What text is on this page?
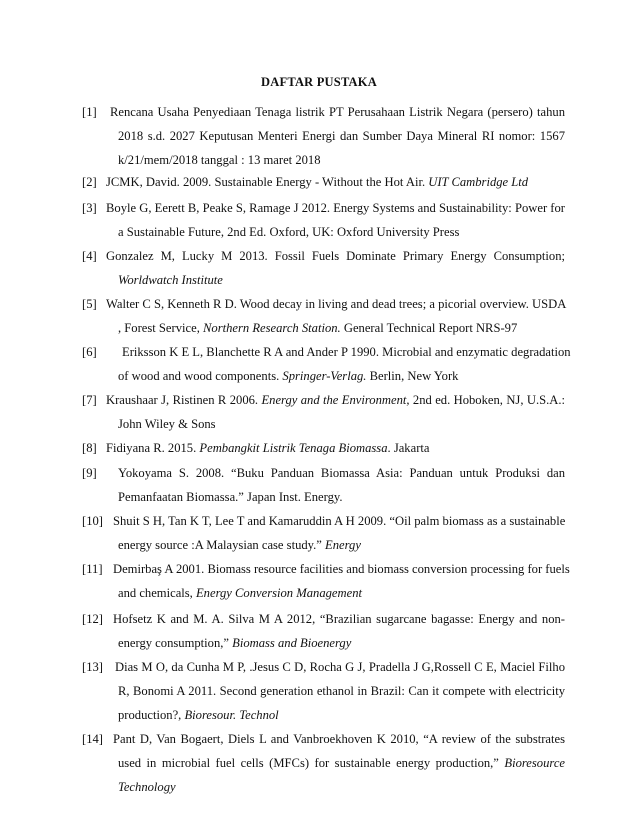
DAFTAR PUSTAKA
[1] Rencana Usaha Penyediaan Tenaga listrik PT Perusahaan Listrik Negara (persero) tahun
2018 s.d. 2027 Keputusan Menteri Energi dan Sumber Daya Mineral RI nomor: 1567
k/21/mem/2018 tanggal : 13 maret 2018
[2] JCMK, David. 2009. Sustainable Energy - Without the Hot Air. UIT Cambridge Ltd
[3] Boyle G, Eerett B, Peake S, Ramage J 2012. Energy Systems and Sustainability: Power for
a Sustainable Future, 2nd Ed. Oxford, UK: Oxford University Press
[4] Gonzalez M, Lucky M 2013. Fossil Fuels Dominate Primary Energy Consumption;
Worldwatch Institute
[5] Walter C S, Kenneth R D. Wood decay in living and dead trees; a picorial overview. USDA
, Forest Service, Northern Research Station. General Technical Report NRS-97
[6] Eriksson K E L, Blanchette R A and Ander P 1990. Microbial and enzymatic degradation
of wood and wood components. Springer-Verlag. Berlin, New York
[7] Kraushaar J, Ristinen R 2006. Energy and the Environment, 2nd ed. Hoboken, NJ, U.S.A.:
John Wiley & Sons
[8] Fidiyana R. 2015. Pembangkit Listrik Tenaga Biomassa. Jakarta
[9] Yokoyama S. 2008. “Buku Panduan Biomassa Asia: Panduan untuk Produksi dan
Pemanfaatan Biomassa.” Japan Inst. Energy.
[10] Shuit S H, Tan K T, Lee T and Kamaruddin A H 2009. “Oil palm biomass as a sustainable
energy source :A Malaysian case study.” Energy
[11] Demirbaş A 2001. Biomass resource facilities and biomass conversion processing for fuels
and chemicals, Energy Conversion Management
[12] Hofsetz K and M. A. Silva M A 2012, “Brazilian sugarcane bagasse: Energy and non-
energy consumption,” Biomass and Bioenergy
[13] Dias M O, da Cunha M P, .Jesus C D, Rocha G J, Pradella J G,Rossell C E, Maciel Filho
R, Bonomi A 2011. Second generation ethanol in Brazil: Can it compete with electricity
production?, Bioresour. Technol
[14] Pant D, Van Bogaert, Diels L and Vanbroekhoven K 2010, “A review of the substrates
used in microbial fuel cells (MFCs) for sustainable energy production,” Bioresource
Technology
